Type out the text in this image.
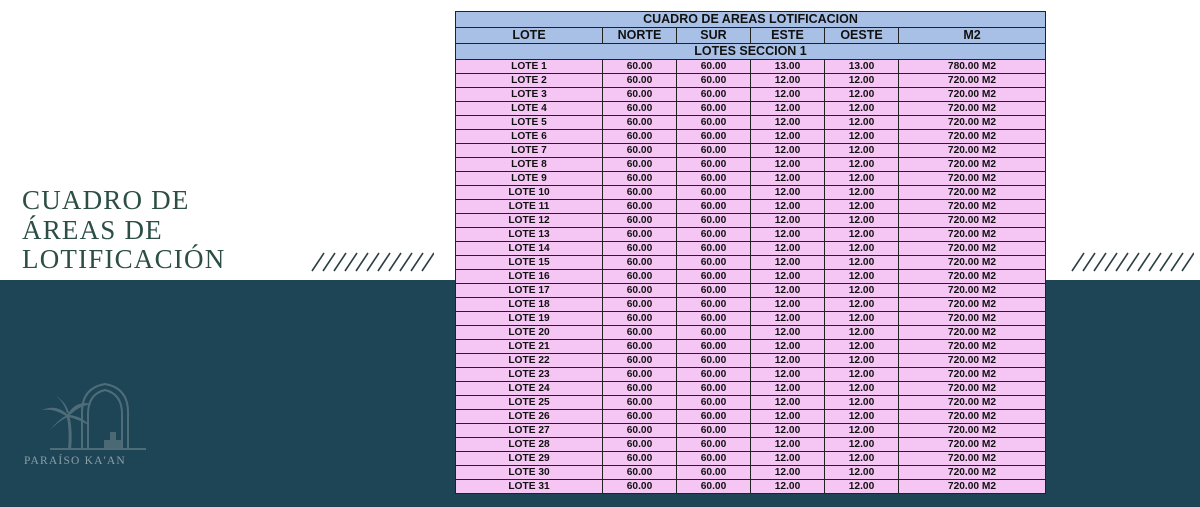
CUADRO DE
ÁREAS DE
LOTIFICACIÓN
PARAÍSO KA'AN
CUADRO DE AREAS LOTIFICACION					
LOTE	NORTE	SUR	ESTE	OESTE	M2
LOTES SECCION 1					
LOTE 1	60.00	60.00	13.00	13.00	780.00 M2
LOTE 2	60.00	60.00	12.00	12.00	720.00 M2
LOTE 3	60.00	60.00	12.00	12.00	720.00 M2
LOTE 4	60.00	60.00	12.00	12.00	720.00 M2
LOTE 5	60.00	60.00	12.00	12.00	720.00 M2
LOTE 6	60.00	60.00	12.00	12.00	720.00 M2
LOTE 7	60.00	60.00	12.00	12.00	720.00 M2
LOTE 8	60.00	60.00	12.00	12.00	720.00 M2
LOTE 9	60.00	60.00	12.00	12.00	720.00 M2
LOTE 10	60.00	60.00	12.00	12.00	720.00 M2
LOTE 11	60.00	60.00	12.00	12.00	720.00 M2
LOTE 12	60.00	60.00	12.00	12.00	720.00 M2
LOTE 13	60.00	60.00	12.00	12.00	720.00 M2
LOTE 14	60.00	60.00	12.00	12.00	720.00 M2
LOTE 15	60.00	60.00	12.00	12.00	720.00 M2
LOTE 16	60.00	60.00	12.00	12.00	720.00 M2
LOTE 17	60.00	60.00	12.00	12.00	720.00 M2
LOTE 18	60.00	60.00	12.00	12.00	720.00 M2
LOTE 19	60.00	60.00	12.00	12.00	720.00 M2
LOTE 20	60.00	60.00	12.00	12.00	720.00 M2
LOTE 21	60.00	60.00	12.00	12.00	720.00 M2
LOTE 22	60.00	60.00	12.00	12.00	720.00 M2
LOTE 23	60.00	60.00	12.00	12.00	720.00 M2
LOTE 24	60.00	60.00	12.00	12.00	720.00 M2
LOTE 25	60.00	60.00	12.00	12.00	720.00 M2
LOTE 26	60.00	60.00	12.00	12.00	720.00 M2
LOTE 27	60.00	60.00	12.00	12.00	720.00 M2
LOTE 28	60.00	60.00	12.00	12.00	720.00 M2
LOTE 29	60.00	60.00	12.00	12.00	720.00 M2
LOTE 30	60.00	60.00	12.00	12.00	720.00 M2
LOTE 31	60.00	60.00	12.00	12.00	720.00 M2
